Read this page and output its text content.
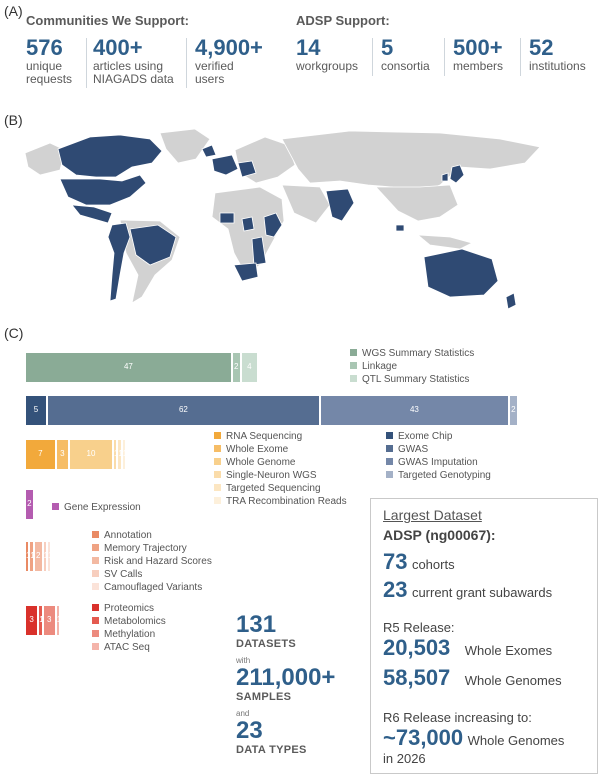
(A)
Communities We Support:	ADSP Support:
576
unique
requests
400+
articles using
NIAGADS data
4,900+
verified
users
14
workgroups
5
consortia
500+
members
52
institutions
(B)
(C)
47
WGS Summary Statistics
2	Linkage
4
QTL Summary Statistics
5
Exome Chip
62
GWAS
43
GWAS Imputation
2
Targeted Genotyping
7
RNA Sequencing
3	Whole Exome
10
Whole Genome
1
Single-Neuron WGS
1
Targeted Sequencing
1
TRA Recombination Reads
2	Gene Expression
1
Annotation
1
Memory Trajectory
2
Risk and Hazard Scores
1
SV Calls
1
Camouflaged Variants
3
Proteomics
1	Metabolomics
3
Methylation
1
ATAC Seq
131
DATASETS
with
211,000+
SAMPLES
and
23
DATA TYPES
Largest Dataset
ADSP (ng00067):
73 cohorts
23 current grant subawards
R5 Release:
20,503 Whole Exomes
58,507 Whole Genomes
R6 Release increasing to:
~73,000 Whole Genomes
in 2026
